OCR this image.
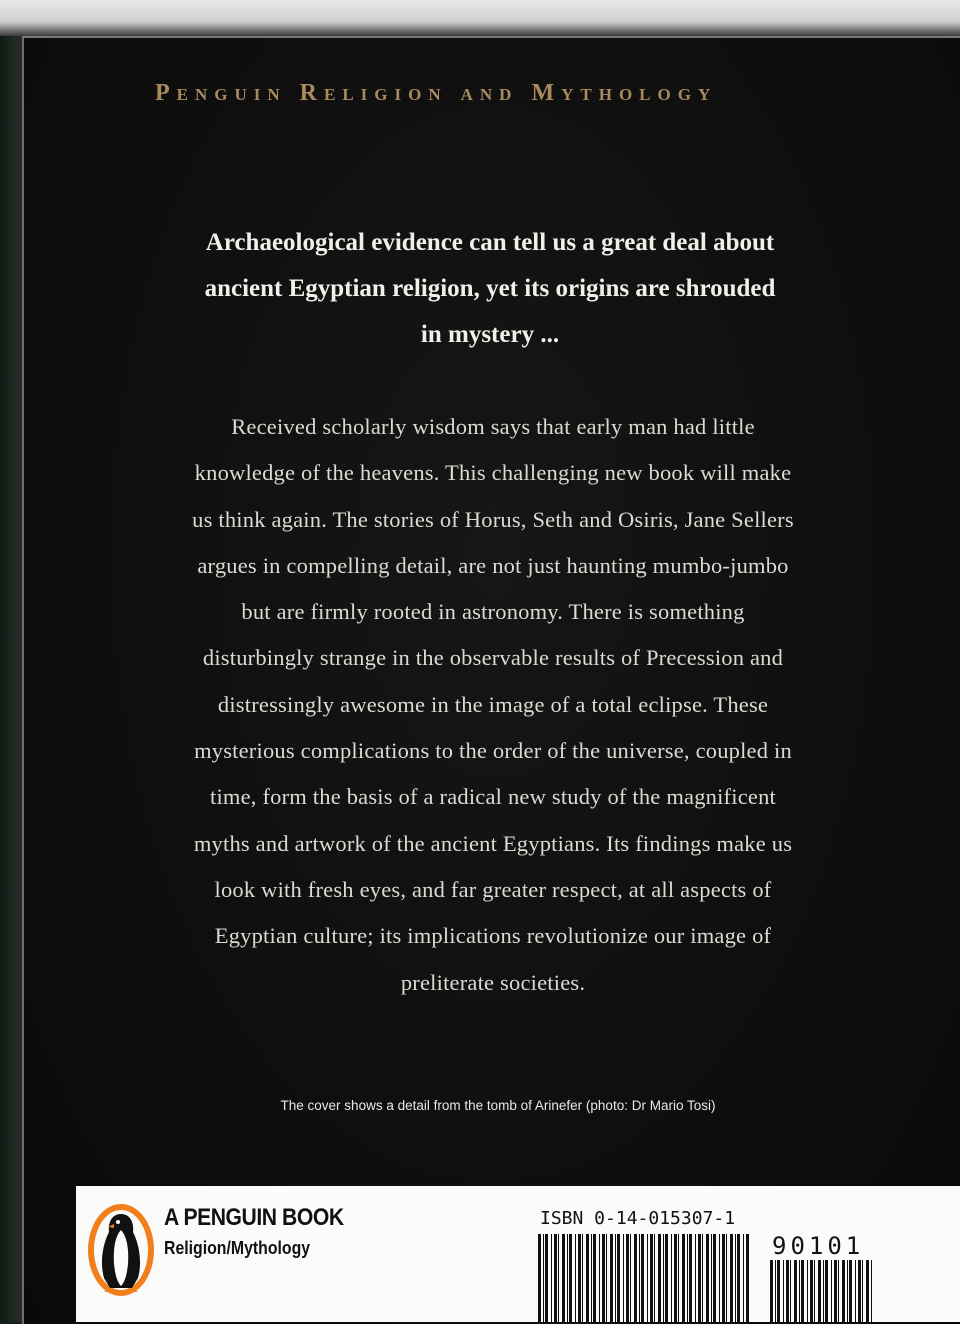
Penguin Religion and Mythology
Archaeological evidence can tell us a great deal about
ancient Egyptian religion, yet its origins are shrouded
in mystery ...
Received scholarly wisdom says that early man had little
knowledge of the heavens. This challenging new book will make
us think again. The stories of Horus, Seth and Osiris, Jane Sellers
argues in compelling detail, are not just haunting mumbo-jumbo
but are firmly rooted in astronomy. There is something
disturbingly strange in the observable results of Precession and
distressingly awesome in the image of a total eclipse. These
mysterious complications to the order of the universe, coupled in
time, form the basis of a radical new study of the magnificent
myths and artwork of the ancient Egyptians. Its findings make us
look with fresh eyes, and far greater respect, at all aspects of
Egyptian culture; its implications revolutionize our image of
preliterate societies.
The cover shows a detail from the tomb of Arinefer (photo: Dr Mario Tosi)
A PENGUIN BOOK
Religion/Mythology
ISBN 0-14-015307-1
90101
